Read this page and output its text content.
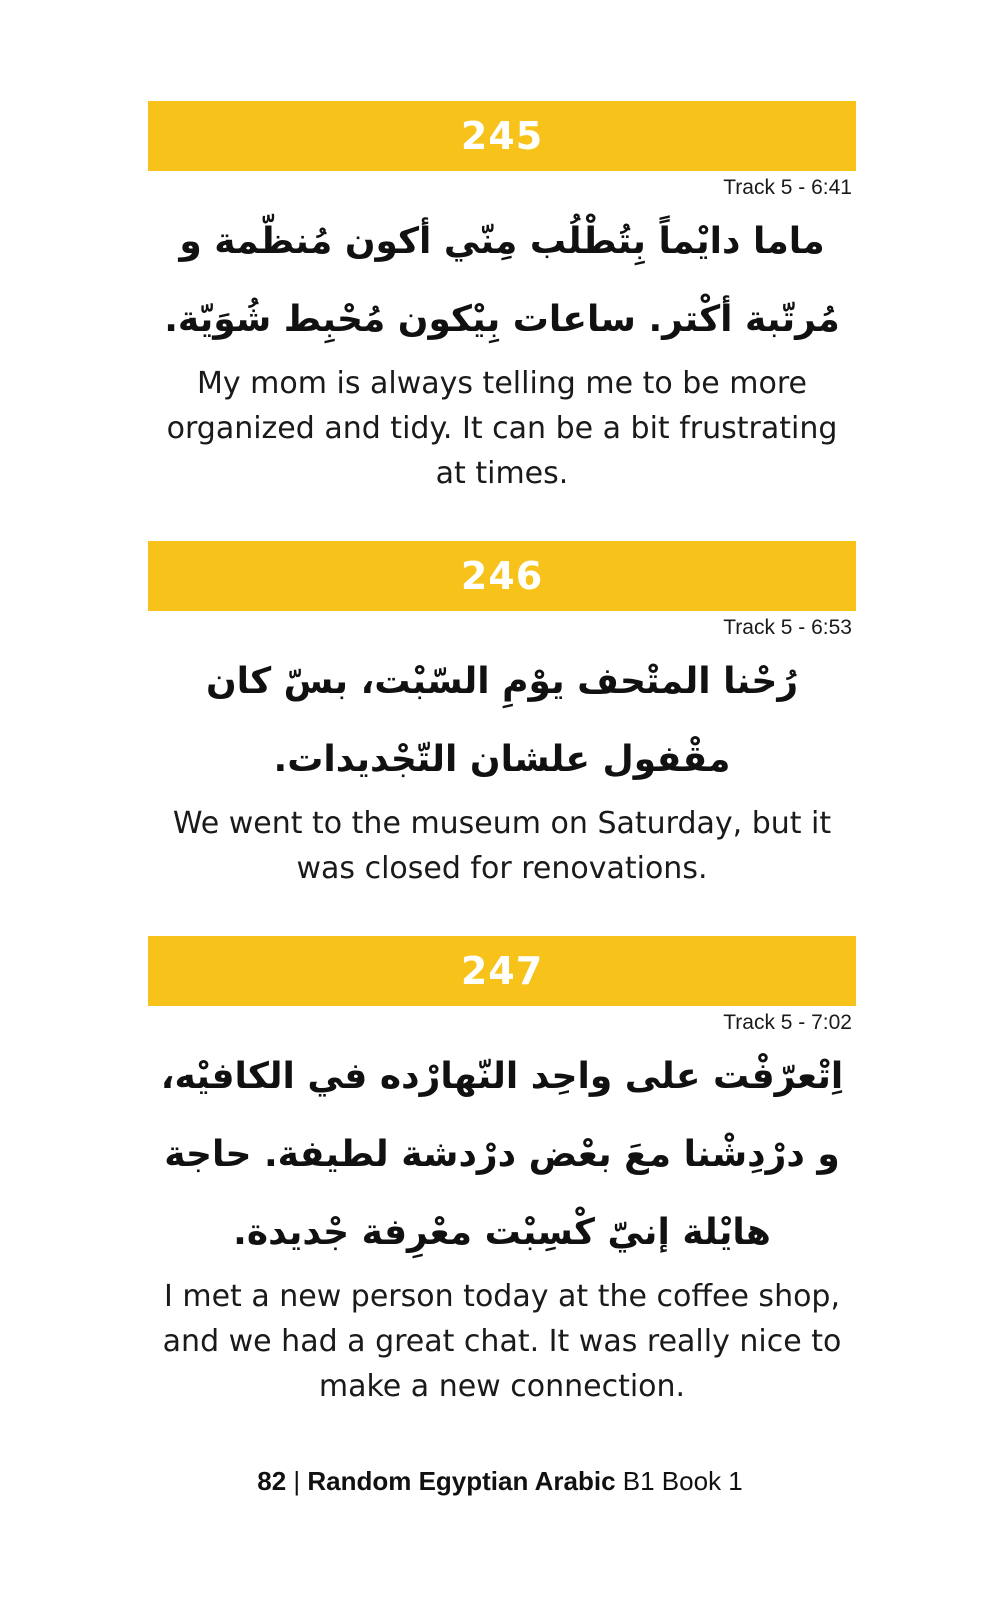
245
Track 5 - 6:41
ماما دايْماً بِتُطْلُب مِنّي أكون مُنظّمة و مُرتّبة أكْتر. ساعات بِيْكون مُحْبِط شُوَيّة.
My mom is always telling me to be more organized and tidy. It can be a bit frustrating at times.
246
Track 5 - 6:53
رُحْنا المتْحف يوْمِ السّبْت، بسّ كان مقْفول علشان التّجْديدات.
We went to the museum on Saturday, but it was closed for renovations.
247
Track 5 - 7:02
اِتْعرّفْت على واحِد النّهارْده في الكافيْه، و درْدِشْنا معَ بعْض درْدشة لطيفة. حاجة هايْلة إنيّ كْسِبْت معْرِفة جْديدة.
I met a new person today at the coffee shop, and we had a great chat. It was really nice to make a new connection.
82 | Random Egyptian Arabic B1 Book 1
